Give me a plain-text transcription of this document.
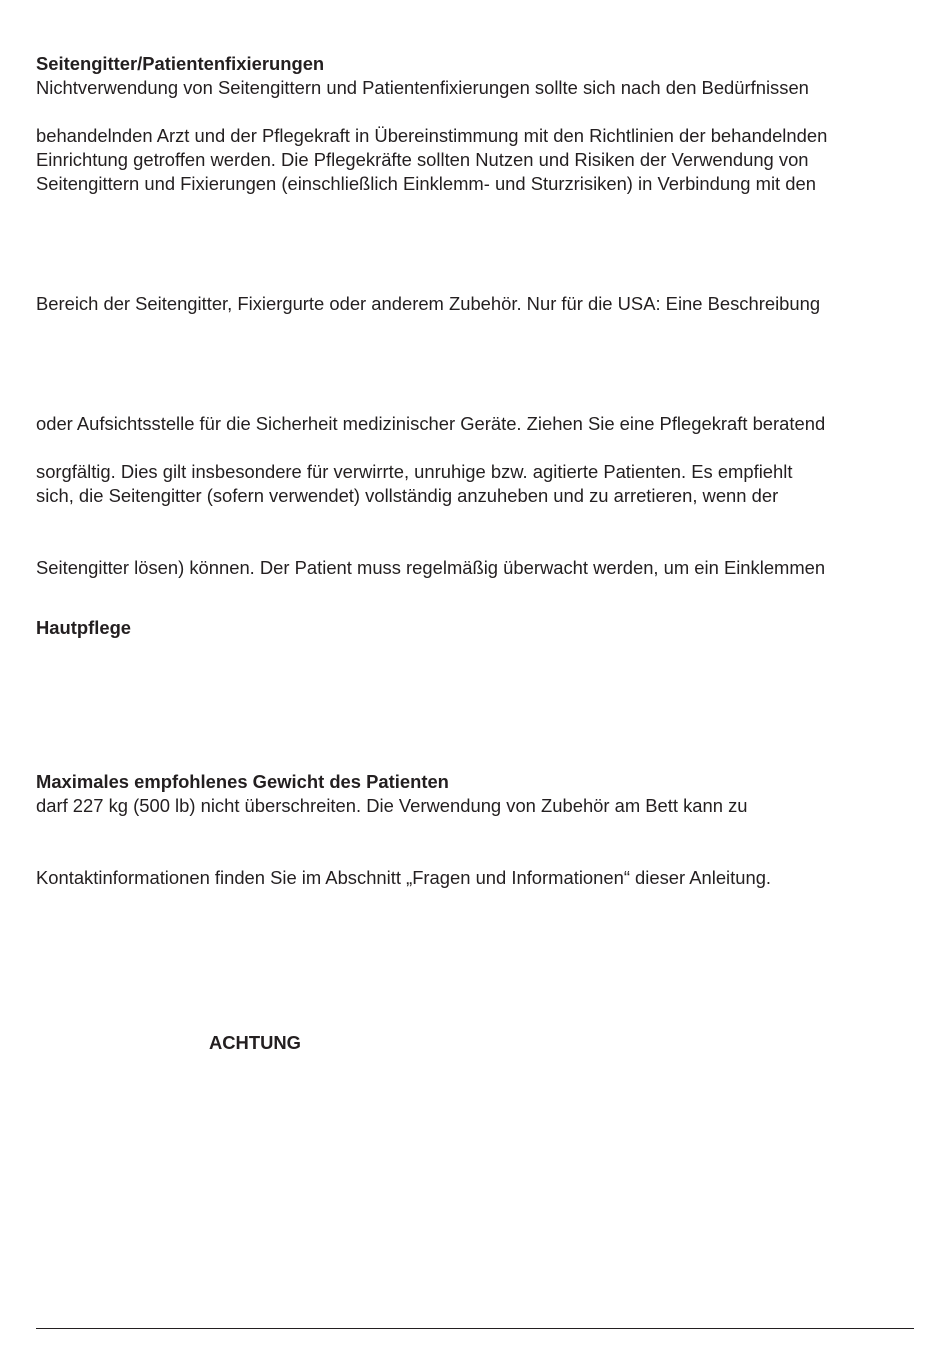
Seitengitter/Patientenfixierungen

Nichtverwendung von Seitengittern und Patientenfixierungen sollte sich nach den Bedürfnissen

behandelnden Arzt und der Pflegekraft in Übereinstimmung mit den Richtlinien der behandelnden

Einrichtung getroffen werden. Die Pflegekräfte sollten Nutzen und Risiken der Verwendung von

Seitengittern und Fixierungen (einschließlich Einklemm- und Sturzrisiken) in Verbindung mit den

Bereich der Seitengitter, Fixiergurte oder anderem Zubehör. Nur für die USA: Eine Beschreibung

oder Aufsichtsstelle für die Sicherheit medizinischer Geräte. Ziehen Sie eine Pflegekraft beratend

sorgfältig. Dies gilt insbesondere für verwirrte, unruhige bzw. agitierte Patienten. Es empfiehlt

sich, die Seitengitter (sofern verwendet) vollständig anzuheben und zu arretieren, wenn der

Seitengitter lösen) können. Der Patient muss regelmäßig überwacht werden, um ein Einklemmen

Hautpflege
Maximales empfohlenes Gewicht des Patienten

darf 227 kg (500 lb) nicht überschreiten. Die Verwendung von Zubehör am Bett kann zu

Kontaktinformationen finden Sie im Abschnitt „Fragen und Informationen“ dieser Anleitung.

ACHTUNG
